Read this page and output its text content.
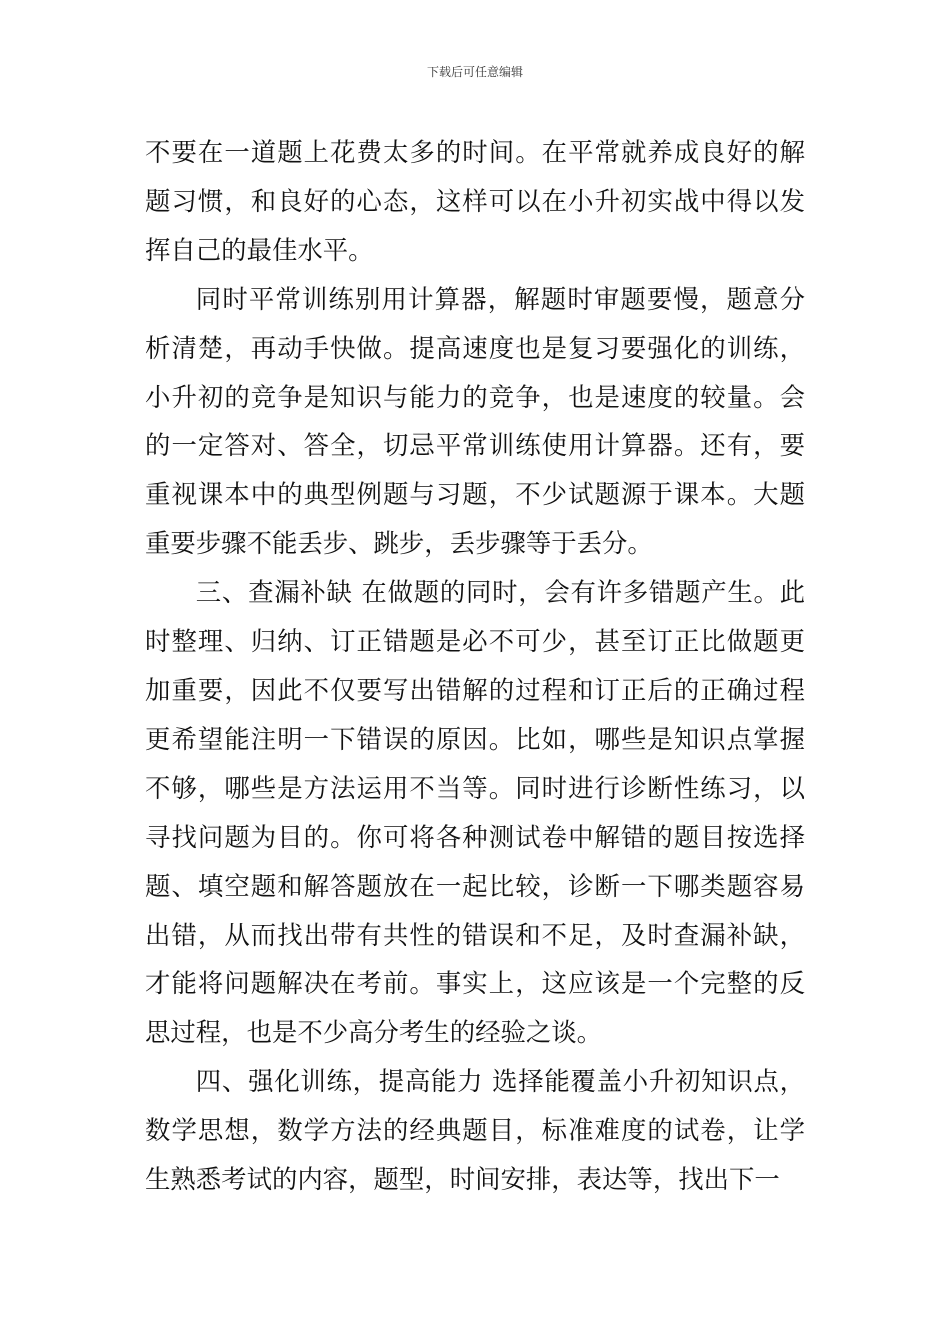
下载后可任意编辑

不要在一道题上花费太多的时间。在平常就养成良好的解题习惯，和良好的心态，这样可以在小升初实战中得以发挥自己的最佳水平。

同时平常训练别用计算器，解题时审题要慢，题意分析清楚，再动手快做。提高速度也是复习要强化的训练，小升初的竞争是知识与能力的竞争，也是速度的较量。会的一定答对、答全，切忌平常训练使用计算器。还有，要重视课本中的典型例题与习题，不少试题源于课本。大题重要步骤不能丢步、跳步，丢步骤等于丢分。

三、查漏补缺 在做题的同时，会有许多错题产生。此时整理、归纳、订正错题是必不可少，甚至订正比做题更加重要，因此不仅要写出错解的过程和订正后的正确过程更希望能注明一下错误的原因。比如，哪些是知识点掌握不够，哪些是方法运用不当等。同时进行诊断性练习，以寻找问题为目的。你可将各种测试卷中解错的题目按选择题、填空题和解答题放在一起比较，诊断一下哪类题容易出错，从而找出带有共性的错误和不足，及时查漏补缺，才能将问题解决在考前。事实上，这应该是一个完整的反思过程，也是不少高分考生的经验之谈。

四、强化训练，提高能力 选择能覆盖小升初知识点，数学思想，数学方法的经典题目，标准难度的试卷，让学生熟悉考试的内容，题型，时间安排，表达等，找出下一
